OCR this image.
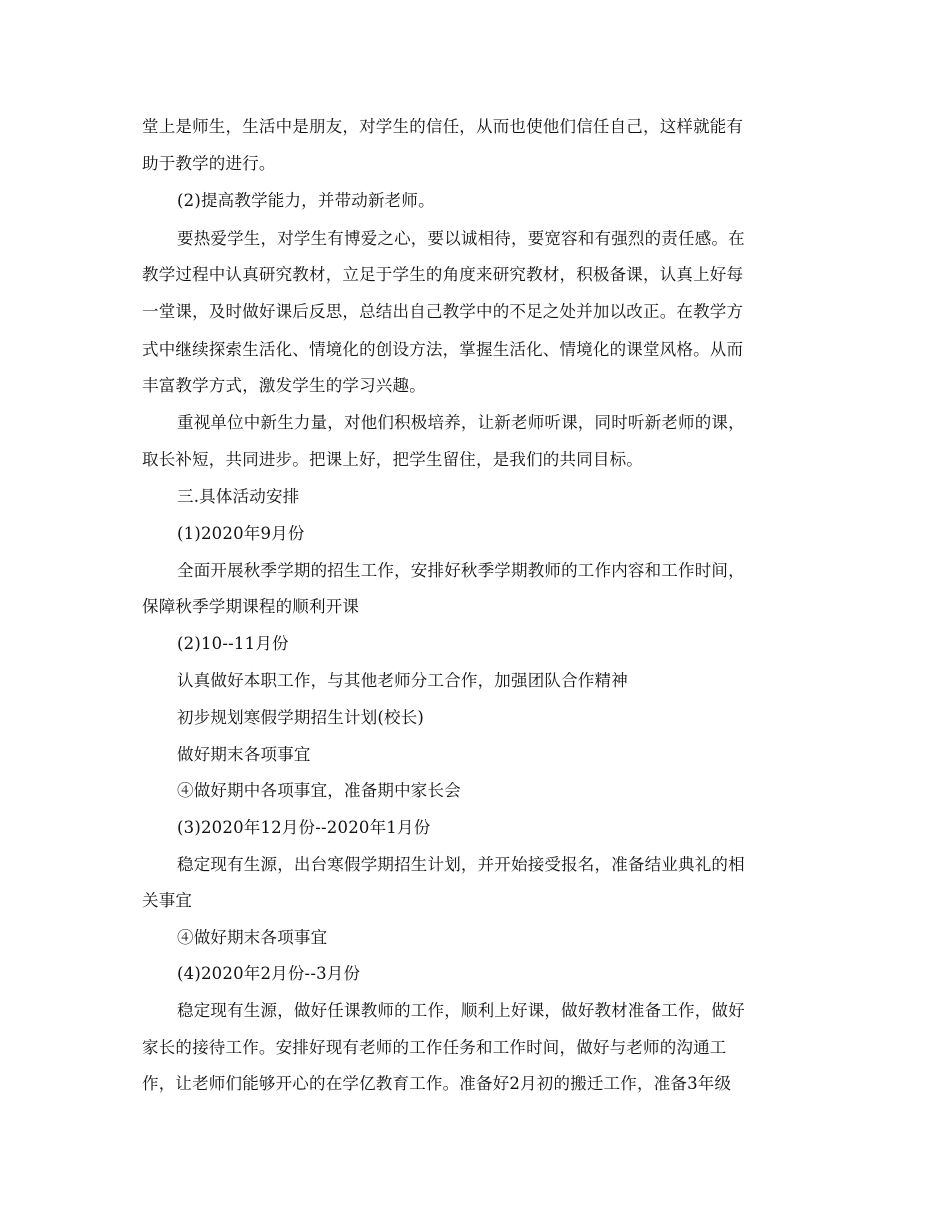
堂上是师生，生活中是朋友，对学生的信任，从而也使他们信任自己，这样就能有
助于教学的进行。
(2)提高教学能力，并带动新老师。
要热爱学生，对学生有博爱之心，要以诚相待，要宽容和有强烈的责任感。在
教学过程中认真研究教材，立足于学生的角度来研究教材，积极备课，认真上好每
一堂课，及时做好课后反思，总结出自己教学中的不足之处并加以改正。在教学方
式中继续探索生活化、情境化的创设方法，掌握生活化、情境化的课堂风格。从而
丰富教学方式，激发学生的学习兴趣。
重视单位中新生力量，对他们积极培养，让新老师听课，同时听新老师的课，
取长补短，共同进步。把课上好，把学生留住，是我们的共同目标。
三.具体活动安排
(1)2020年9月份
全面开展秋季学期的招生工作，安排好秋季学期教师的工作内容和工作时间，
保障秋季学期课程的顺利开课
(2)10--11月份
认真做好本职工作，与其他老师分工合作，加强团队合作精神
初步规划寒假学期招生计划(校长)
做好期末各项事宜
④做好期中各项事宜，准备期中家长会
(3)2020年12月份--2020年1月份
稳定现有生源，出台寒假学期招生计划，并开始接受报名，准备结业典礼的相
关事宜
④做好期末各项事宜
(4)2020年2月份--3月份
稳定现有生源，做好任课教师的工作，顺利上好课，做好教材准备工作，做好
家长的接待工作。安排好现有老师的工作任务和工作时间，做好与老师的沟通工
作，让老师们能够开心的在学亿教育工作。准备好2月初的搬迁工作，准备3年级
